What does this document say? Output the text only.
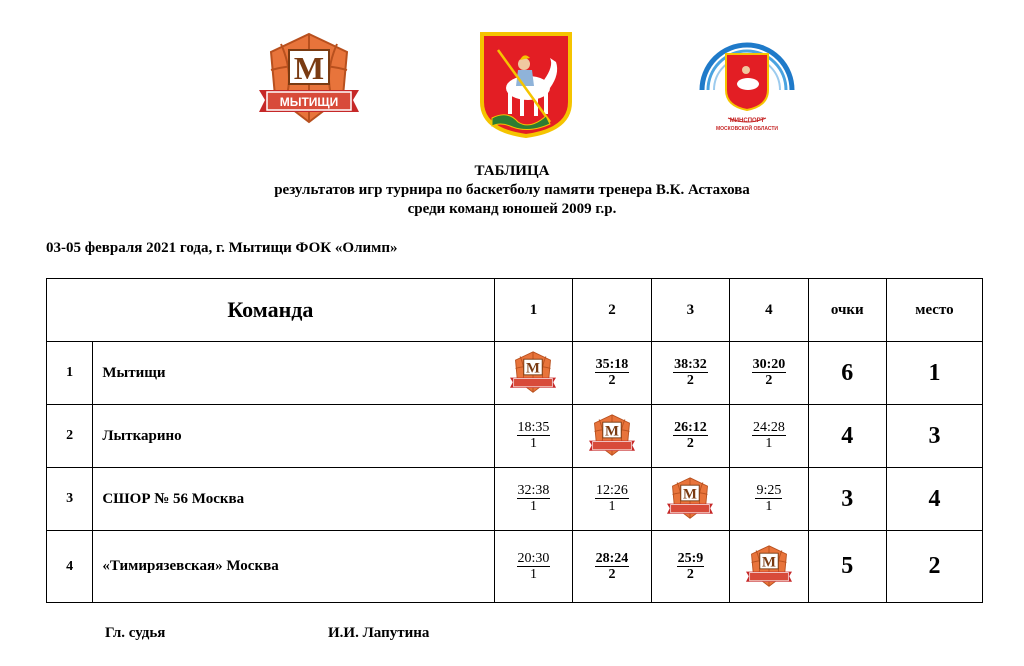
МЫТИЩИ
МИНСПОРТ
МОСКОВСКОЙ ОБЛАСТИ
ТАБЛИЦА
результатов игр турнира по баскетболу памяти тренера В.К. Астахова
среди команд юношей 2009 г.р.
03-05 февраля 2021 года, г. Мытищи ФОК «Олимп»
Команда		1	2	3	4	очки	место
1	Мытищи		$\frac{35:18}{2}$	$\frac{38:32}{2}$	$\frac{30:20}{2}$	6	1
2	Лыткарино	$\frac{18:35}{1}$		$\frac{26:12}{2}$	$\frac{24:28}{1}$	4	3
3	СШОР № 56 Москва	$\frac{32:38}{1}$	$\frac{12:26}{1}$		$\frac{9:25}{1}$	3	4
4	«Тимирязевская» Москва	$\frac{20:30}{1}$	$\frac{28:24}{2}$	$\frac{25:9}{2}$		5	2
Гл. судья	И.И. Лапутина
